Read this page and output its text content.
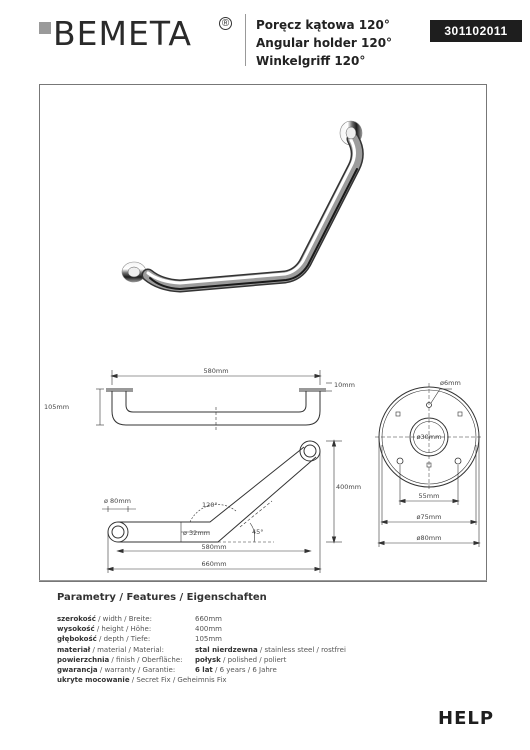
BEMETA	® Poręcz kątowa 120°
Angular holder 120°
Winkelgriff 120°
301102011
580mm
105mm
10mm
ø 80mm	120°
ø 32mm
580mm
660mm
400mm
45°
ø6mm
ø30mm
55mm
ø75mm
ø80mm
Parametry / Features / Eigenschaften
szerokość / width / Breite:	660mm
wysokość / height / Höhe:	400mm
głębokość / depth / Tiefe:	105mm
materiał / material / Material:	stal nierdzewna / stainless steel / rostfrei
powierzchnia / finish / Oberfläche: połysk / polished / poliert
gwarancja / warranty / Garantie:	6 lat / 6 years / 6 Jahre
ukryte mocowanie / Secret Fix / Geheimnis Fix
HELP
